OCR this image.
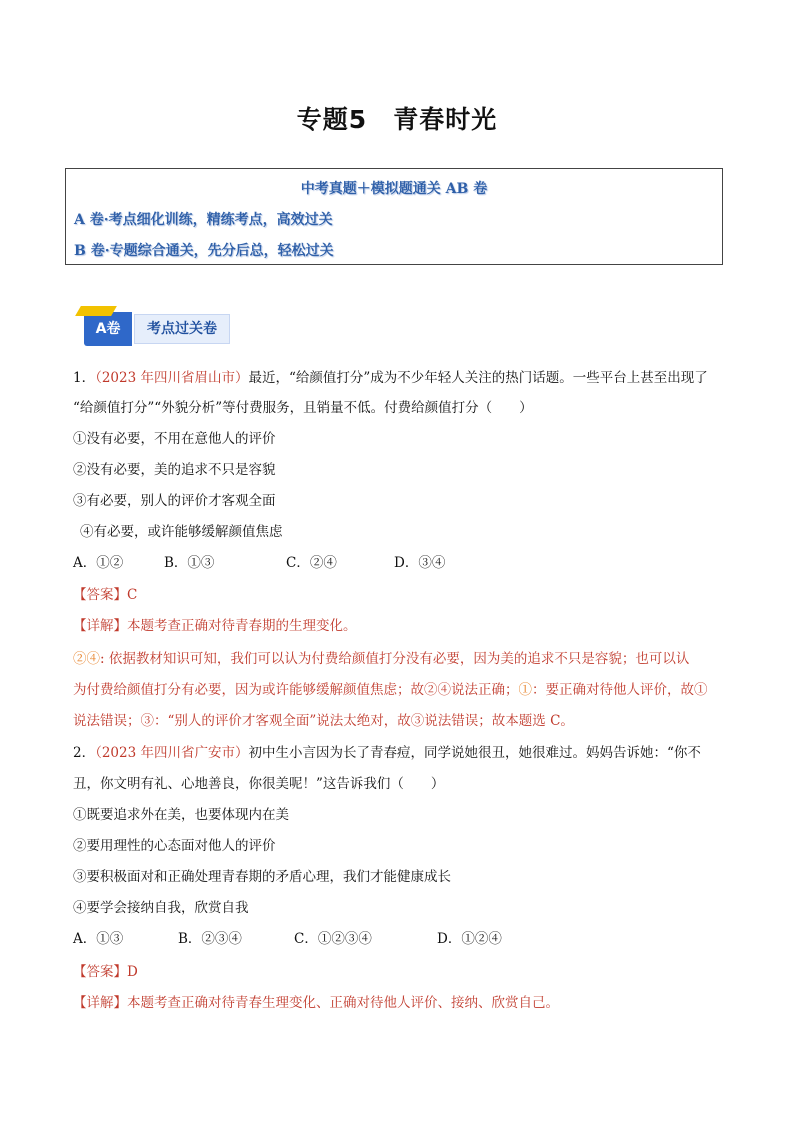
专题5　青春时光
中考真题＋模拟题通关 AB 卷
A 卷·考点细化训练，精练考点，高效过关
B 卷·专题综合通关，先分后总，轻松过关
A卷	考点过关卷
1．（2023 年四川省眉山市）最近，“给颜值打分”成为不少年轻人关注的热门话题。一些平台上甚至出现了
“给颜值打分”“外貌分析”等付费服务，且销量不低。付费给颜值打分（　　）
①没有必要，不用在意他人的评价
②没有必要，美的追求不只是容貌
③有必要，别人的评价才客观全面
④有必要，或许能够缓解颜值焦虑
A．①②	B．①③	C．②④	D．③④
【答案】C
【详解】本题考查正确对待青春期的生理变化。
②④: 依据教材知识可知，我们可以认为付费给颜值打分没有必要，因为美的追求不只是容貌；也可以认
为付费给颜值打分有必要，因为或许能够缓解颜值焦虑；故②④说法正确；①：要正确对待他人评价，故①
说法错误；③：“别人的评价才客观全面”说法太绝对，故③说法错误；故本题选 C。
2．（2023 年四川省广安市）初中生小言因为长了青春痘，同学说她很丑，她很难过。妈妈告诉她：“你不
丑，你文明有礼、心地善良，你很美呢！”这告诉我们（　　）
①既要追求外在美，也要体现内在美
②要用理性的心态面对他人的评价
③要积极面对和正确处理青春期的矛盾心理，我们才能健康成长
④要学会接纳自我，欣赏自我
A．①③	B．②③④	C．①②③④	D．①②④
【答案】D
【详解】本题考查正确对待青春生理变化、正确对待他人评价、接纳、欣赏自己。
